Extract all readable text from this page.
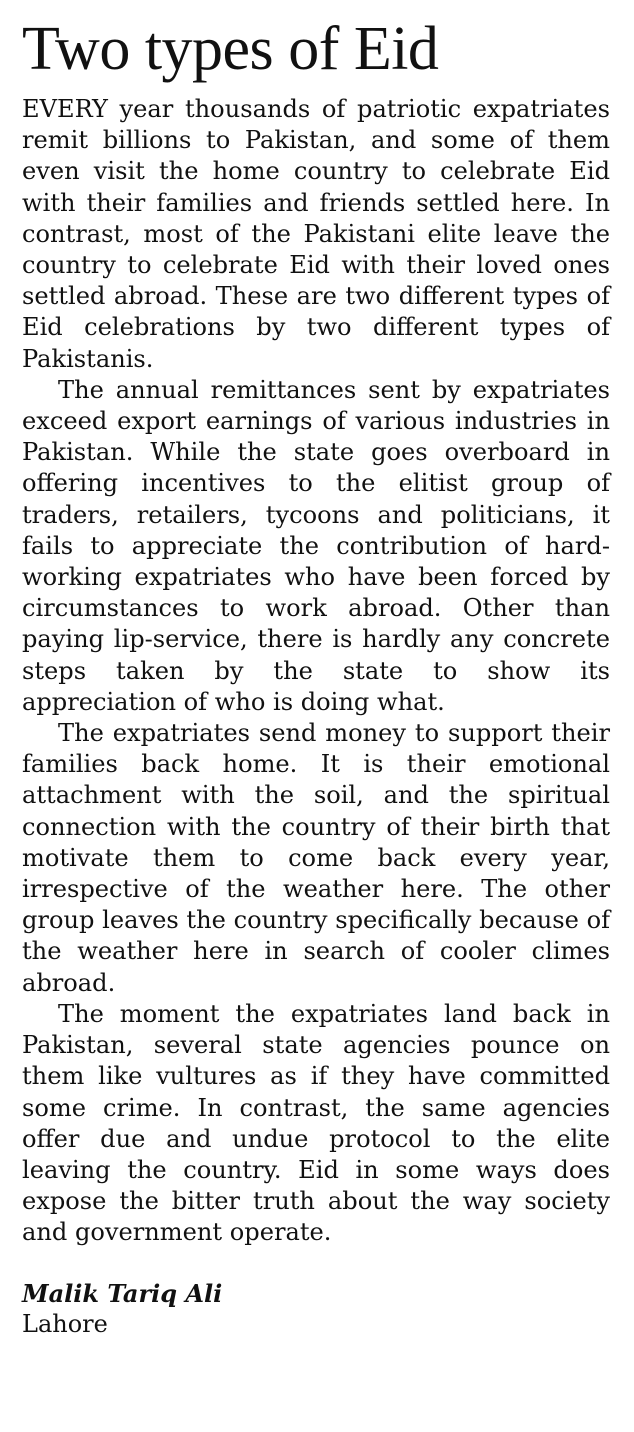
Two types of Eid

EVERY year thousands of patriotic expatriates remit billions to Pakistan, and some of them even visit the home country to celebrate Eid with their families and friends settled here. In contrast, most of the Pakistani elite leave the country to celebrate Eid with their loved ones settled abroad. These are two different types of Eid celebrations by two different types of Pakistanis.

The annual remittances sent by expatriates exceed export earnings of various industries in Pakistan. While the state goes overboard in offering incentives to the elitist group of traders, retailers, tycoons and politicians, it fails to appreciate the contribution of hard-working expatriates who have been forced by circumstances to work abroad. Other than paying lip-service, there is hardly any concrete steps taken by the state to show its appreciation of who is doing what.

The expatriates send money to support their families back home. It is their emotional attachment with the soil, and the spiritual connection with the country of their birth that motivate them to come back every year, irrespective of the weather here. The other group leaves the country specifically because of the weather here in search of cooler climes abroad.

The moment the expatriates land back in Pakistan, several state agencies pounce on them like vultures as if they have committed some crime. In contrast, the same agencies offer due and undue protocol to the elite leaving the country. Eid in some ways does expose the bitter truth about the way society and government operate.

Malik Tariq Ali
Lahore
